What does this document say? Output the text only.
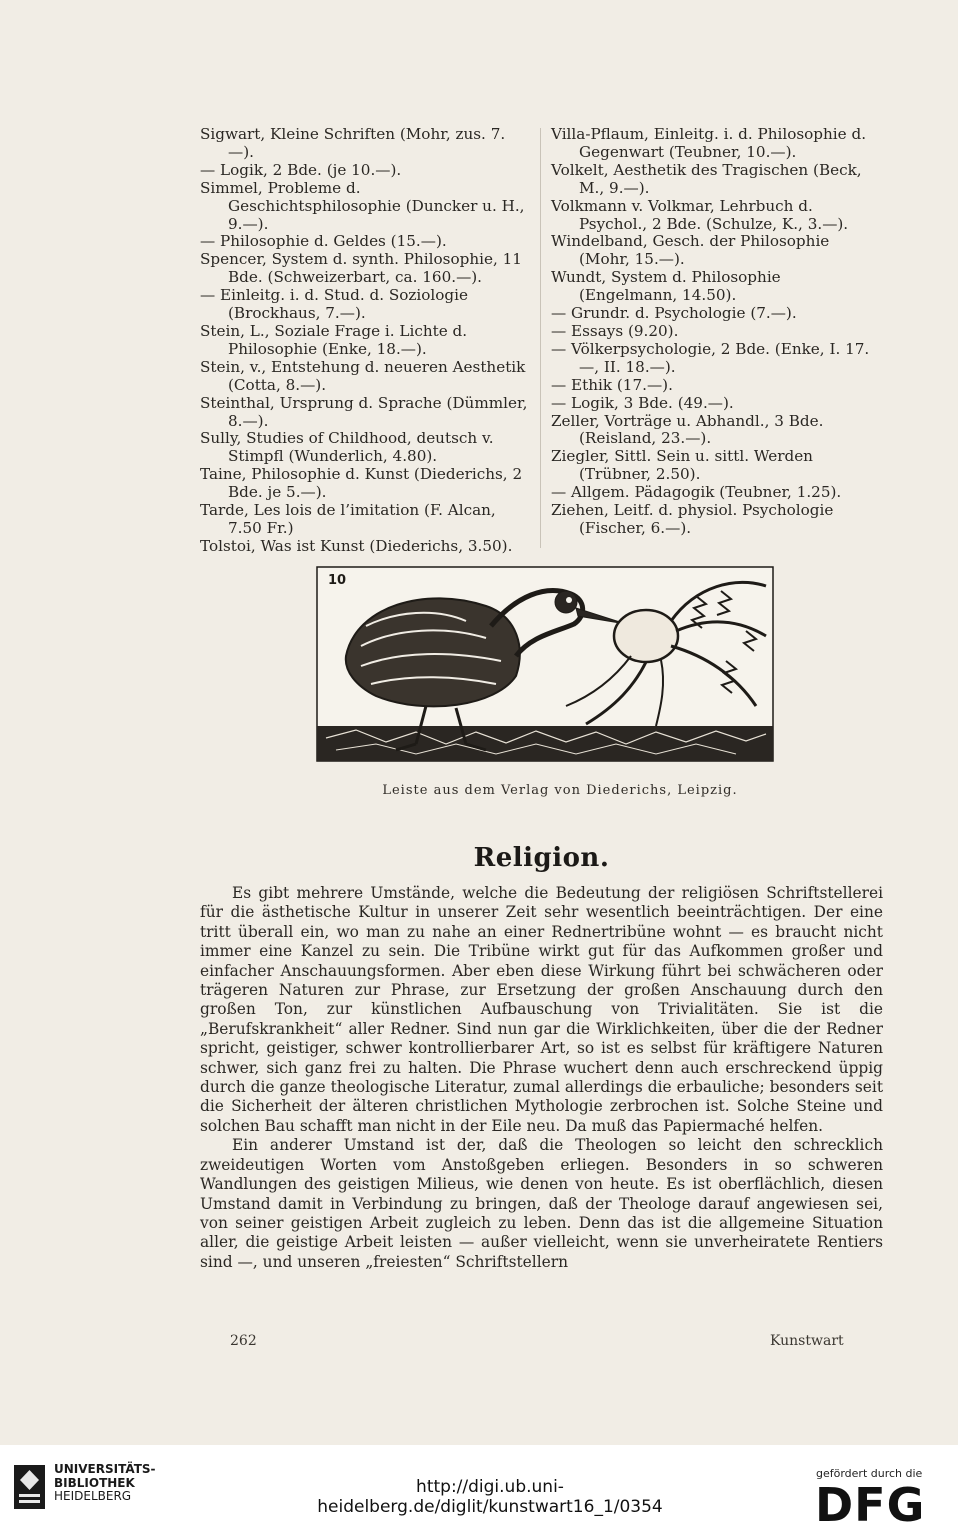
Sigwart, Kleine Schriften (Mohr, zus. 7.—).

— Logik, 2 Bde. (je 10.—).

Simmel, Probleme d. Geschichtsphilosophie (Duncker u. H., 9.—).

— Philosophie d. Geldes (15.—).

Spencer, System d. synth. Philosophie, 11 Bde. (Schweizerbart, ca. 160.—).

— Einleitg. i. d. Stud. d. Soziologie (Brockhaus, 7.—).

Stein, L., Soziale Frage i. Lichte d. Philosophie (Enke, 18.—).

Stein, v., Entstehung d. neueren Aesthetik (Cotta, 8.—).

Steinthal, Ursprung d. Sprache (Dümmler, 8.—).

Sully, Studies of Childhood, deutsch v. Stimpfl (Wunderlich, 4.80).

Taine, Philosophie d. Kunst (Diederichs, 2 Bde. je 5.—).

Tarde, Les lois de l’imitation (F. Alcan, 7.50 Fr.)

Tolstoi, Was ist Kunst (Diederichs, 3.50).

Villa-Pflaum, Einleitg. i. d. Philosophie d. Gegenwart (Teubner, 10.—).

Volkelt, Aesthetik des Tragischen (Beck, M., 9.—).

Volkmann v. Volkmar, Lehrbuch d. Psychol., 2 Bde. (Schulze, K., 3.—).

Windelband, Gesch. der Philosophie (Mohr, 15.—).

Wundt, System d. Philosophie (Engelmann, 14.50).

— Grundr. d. Psychologie (7.—).

— Essays (9.20).

— Völkerpsychologie, 2 Bde. (Enke, I. 17.—, II. 18.—).

— Ethik (17.—).

— Logik, 3 Bde. (49.—).

Zeller, Vorträge u. Abhandl., 3 Bde. (Reisland, 23.—).

Ziegler, Sittl. Sein u. sittl. Werden (Trübner, 2.50).

— Allgem. Pädagogik (Teubner, 1.25).

Ziehen, Leitf. d. physiol. Psychologie (Fischer, 6.—).

10
Leiste aus dem Verlag von Diederichs, Leipzig.
Religion.

Es gibt mehrere Umstände, welche die Bedeutung der religiösen Schriftstellerei für die ästhetische Kultur in unserer Zeit sehr wesentlich beeinträchtigen. Der eine tritt überall ein, wo man zu nahe an einer Rednertribüne wohnt — es braucht nicht immer eine Kanzel zu sein. Die Tribüne wirkt gut für das Aufkommen großer und einfacher Anschauungsformen. Aber eben diese Wirkung führt bei schwächeren oder trägeren Naturen zur Phrase, zur Ersetzung der großen Anschauung durch den großen Ton, zur künstlichen Aufbauschung von Trivialitäten. Sie ist die „Berufskrankheit“ aller Redner. Sind nun gar die Wirklichkeiten, über die der Redner spricht, geistiger, schwer kontrollierbarer Art, so ist es selbst für kräftigere Naturen schwer, sich ganz frei zu halten. Die Phrase wuchert denn auch erschreckend üppig durch die ganze theologische Literatur, zumal allerdings die erbauliche; besonders seit die Sicherheit der älteren christlichen Mythologie zerbrochen ist. Solche Steine und solchen Bau schafft man nicht in der Eile neu. Da muß das Papiermaché helfen.

Ein anderer Umstand ist der, daß die Theologen so leicht den schrecklich zweideutigen Worten vom Anstoßgeben erliegen. Besonders in so schweren Wandlungen des geistigen Milieus, wie denen von heute. Es ist oberflächlich, diesen Umstand damit in Verbindung zu bringen, daß der Theologe darauf angewiesen sei, von seiner geistigen Arbeit zugleich zu leben. Denn das ist die allgemeine Situation aller, die geistige Arbeit leisten — außer vielleicht, wenn sie unverheiratete Rentiers sind —, und unseren „freiesten“ Schriftstellern

262	Kunstwart
UNIVERSITÄTS-
BIBLIOTHEK
HEIDELBERG	http://digi.ub.uni-heidelberg.de/diglit/kunstwart16_1/0354
gefördert durch die
DFG
